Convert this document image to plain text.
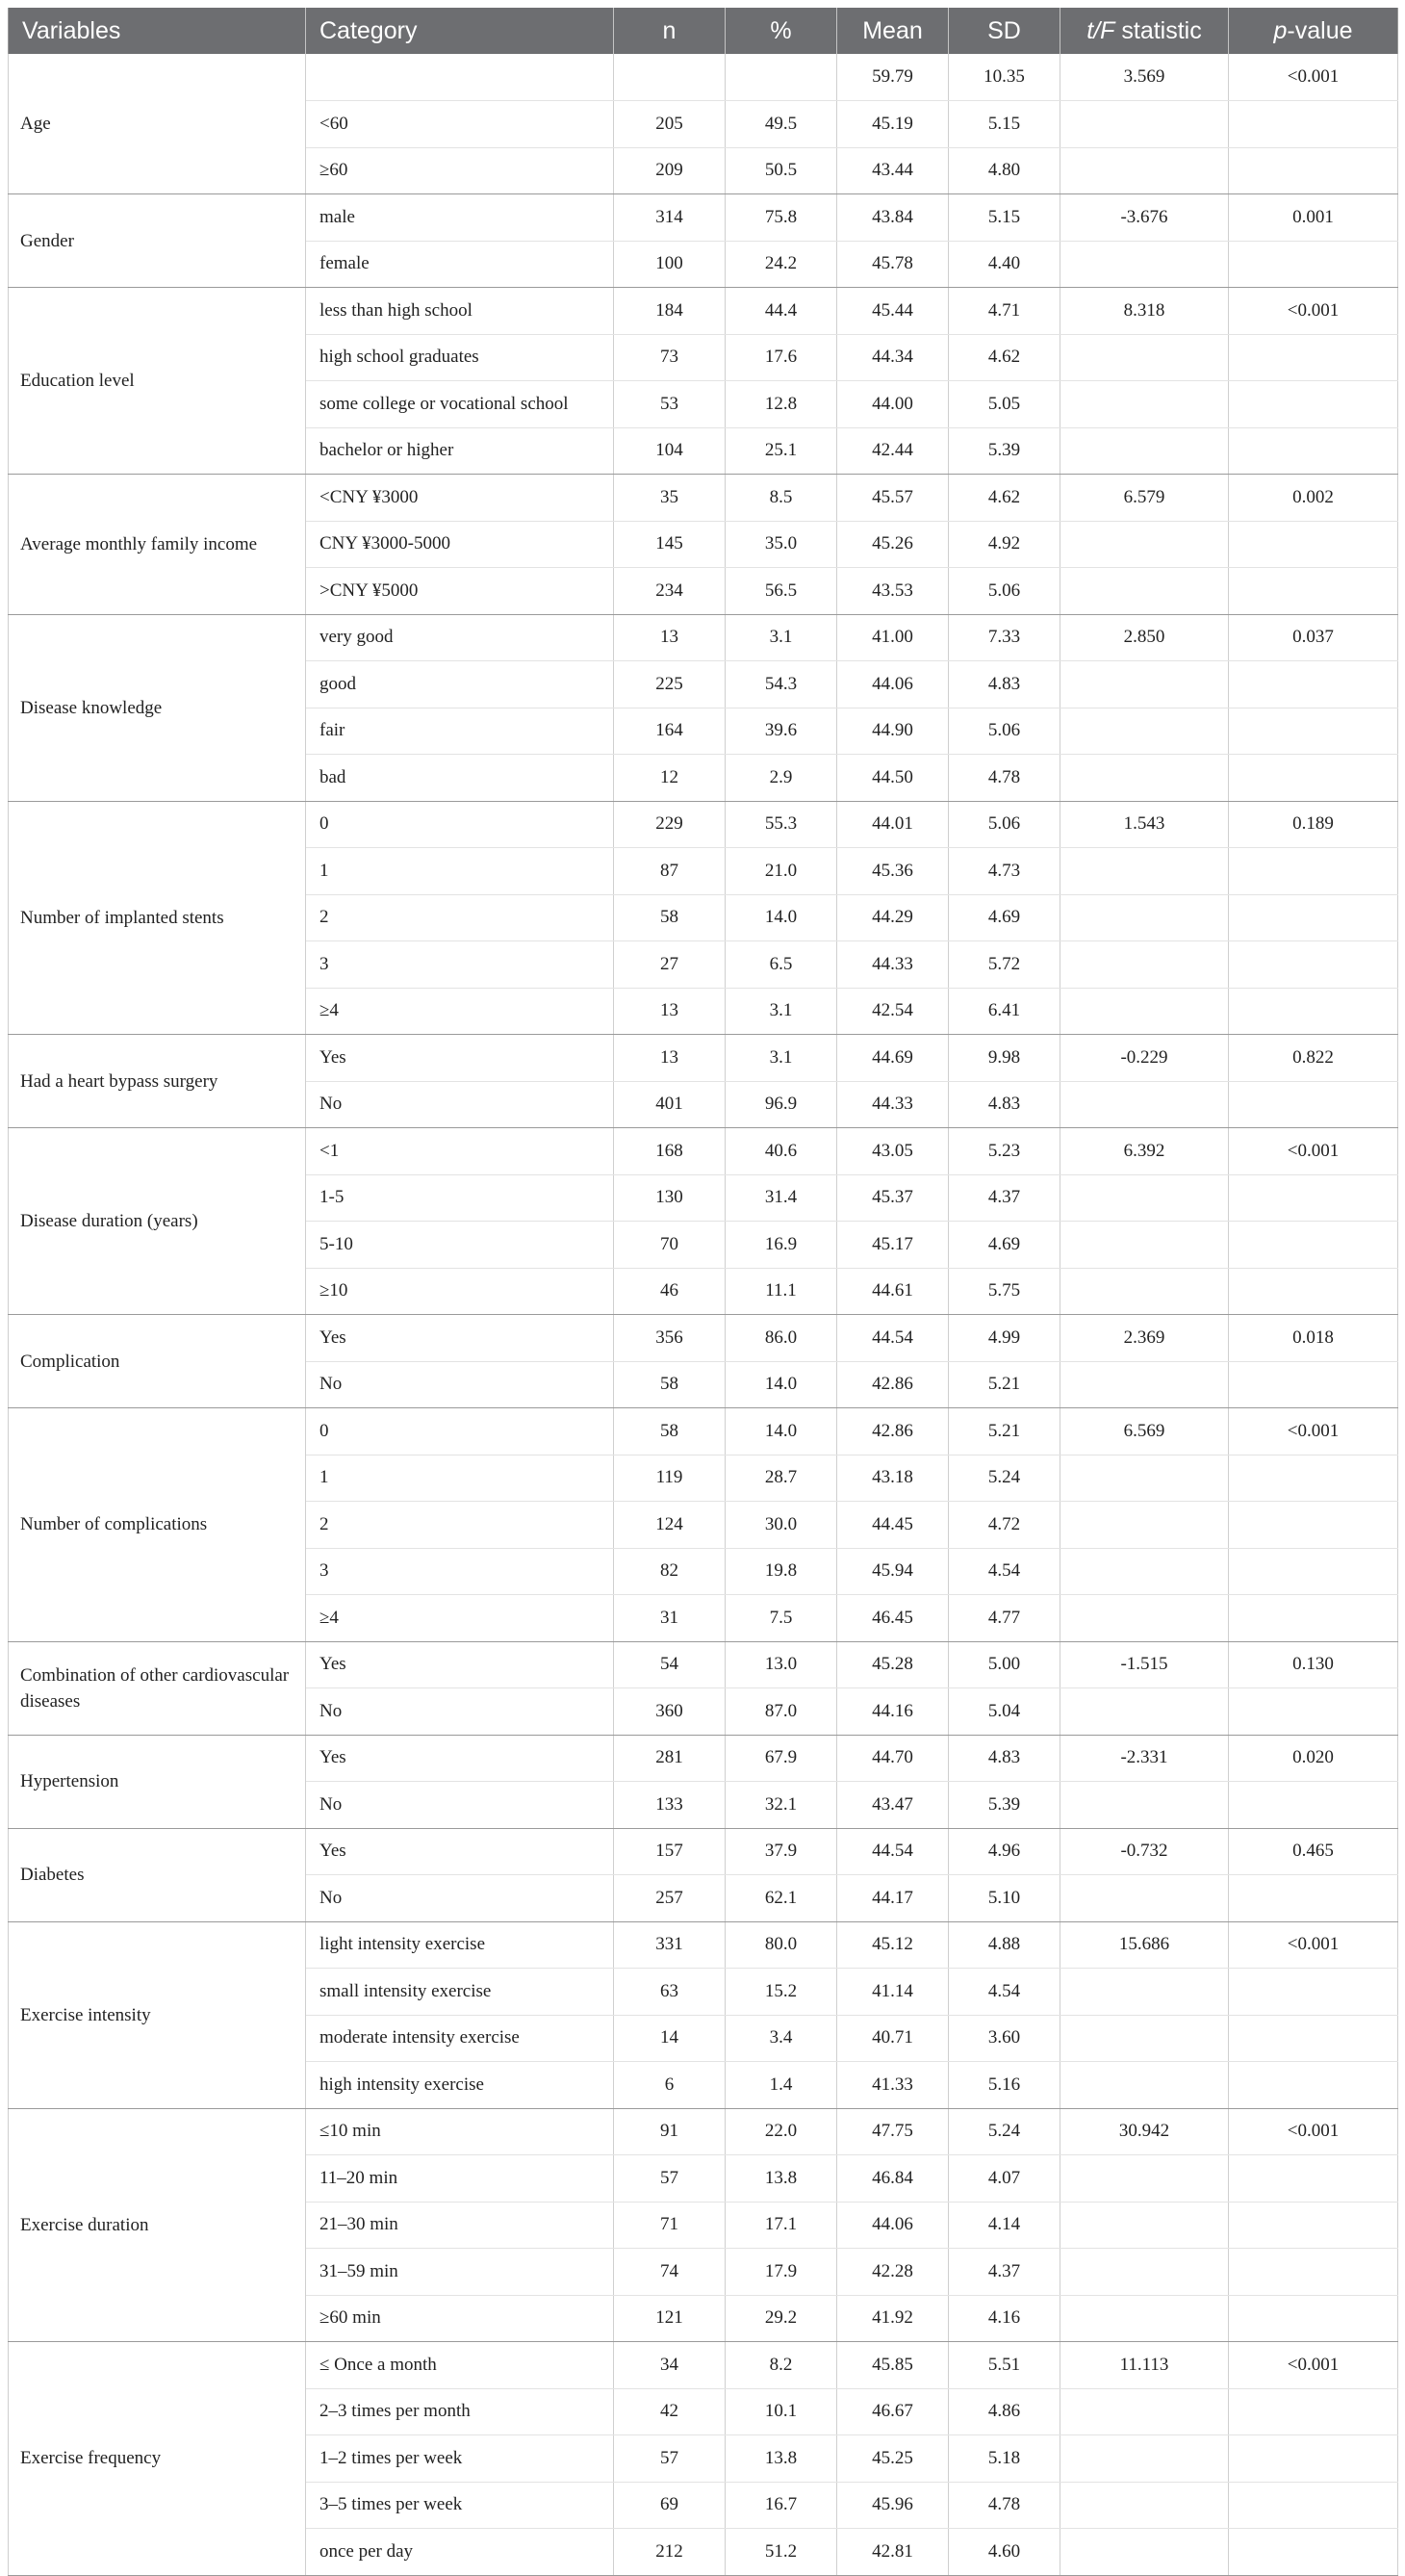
Variables	Category	n	%	Mean	SD	t/F statistic	p-value
Age				59.79	10.35	3.569	<0.001
	<60	205	49.5	45.19	5.15		
	≥60	209	50.5	43.44	4.80		
Gender	male	314	75.8	43.84	5.15	-3.676	0.001
	female	100	24.2	45.78	4.40		
Education level	less than high school	184	44.4	45.44	4.71	8.318	<0.001
	high school graduates	73	17.6	44.34	4.62		
	some college or vocational school	53	12.8	44.00	5.05		
	bachelor or higher	104	25.1	42.44	5.39		
Average monthly family income	<CNY ¥3000	35	8.5	45.57	4.62	6.579	0.002
	CNY ¥3000-5000	145	35.0	45.26	4.92		
	>CNY ¥5000	234	56.5	43.53	5.06		
Disease knowledge	very good	13	3.1	41.00	7.33	2.850	0.037
	good	225	54.3	44.06	4.83		
	fair	164	39.6	44.90	5.06		
	bad	12	2.9	44.50	4.78		
Number of implanted stents	0	229	55.3	44.01	5.06	1.543	0.189
	1	87	21.0	45.36	4.73		
	2	58	14.0	44.29	4.69		
	3	27	6.5	44.33	5.72		
	≥4	13	3.1	42.54	6.41		
Had a heart bypass surgery	Yes	13	3.1	44.69	9.98	-0.229	0.822
	No	401	96.9	44.33	4.83		
Disease duration (years)	<1	168	40.6	43.05	5.23	6.392	<0.001
	1-5	130	31.4	45.37	4.37		
	5-10	70	16.9	45.17	4.69		
	≥10	46	11.1	44.61	5.75		
Complication	Yes	356	86.0	44.54	4.99	2.369	0.018
	No	58	14.0	42.86	5.21		
Number of complications	0	58	14.0	42.86	5.21	6.569	<0.001
	1	119	28.7	43.18	5.24		
	2	124	30.0	44.45	4.72		
	3	82	19.8	45.94	4.54		
	≥4	31	7.5	46.45	4.77		
Combination of other cardiovascular diseases	Yes	54	13.0	45.28	5.00	-1.515	0.130
	No	360	87.0	44.16	5.04		
Hypertension	Yes	281	67.9	44.70	4.83	-2.331	0.020
	No	133	32.1	43.47	5.39		
Diabetes	Yes	157	37.9	44.54	4.96	-0.732	0.465
	No	257	62.1	44.17	5.10		
Exercise intensity	light intensity exercise	331	80.0	45.12	4.88	15.686	<0.001
	small intensity exercise	63	15.2	41.14	4.54		
	moderate intensity exercise	14	3.4	40.71	3.60		
	high intensity exercise	6	1.4	41.33	5.16		
Exercise duration	≤10 min	91	22.0	47.75	5.24	30.942	<0.001
	11–20 min	57	13.8	46.84	4.07		
	21–30 min	71	17.1	44.06	4.14		
	31–59 min	74	17.9	42.28	4.37		
	≥60 min	121	29.2	41.92	4.16		
Exercise frequency	≤ Once a month	34	8.2	45.85	5.51	11.113	<0.001
	2–3 times per month	42	10.1	46.67	4.86		
	1–2 times per week	57	13.8	45.25	5.18		
	3–5 times per week	69	16.7	45.96	4.78		
	once per day	212	51.2	42.81	4.60		
